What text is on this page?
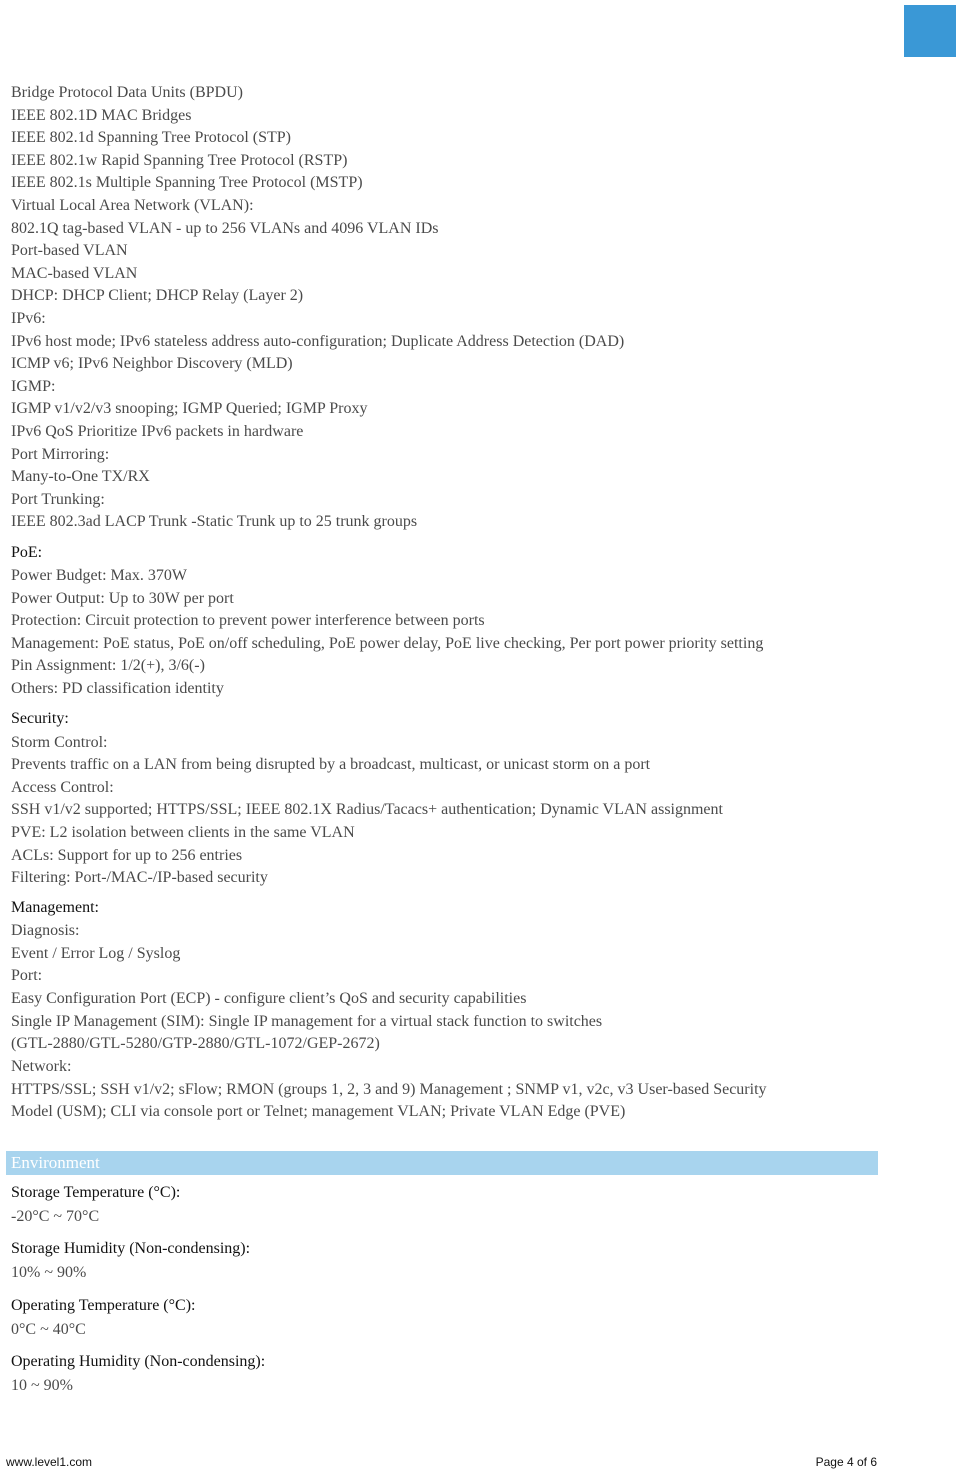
Bridge Protocol Data Units (BPDU)
IEEE 802.1D MAC Bridges
IEEE 802.1d Spanning Tree Protocol (STP)
IEEE 802.1w Rapid Spanning Tree Protocol (RSTP)
IEEE 802.1s Multiple Spanning Tree Protocol (MSTP)
Virtual Local Area Network (VLAN):
802.1Q tag-based VLAN - up to 256 VLANs and 4096 VLAN IDs
Port-based VLAN
MAC-based VLAN
DHCP: DHCP Client; DHCP Relay (Layer 2)
IPv6:
IPv6 host mode; IPv6 stateless address auto-configuration; Duplicate Address Detection (DAD)
ICMP v6; IPv6 Neighbor Discovery (MLD)
IGMP:
IGMP v1/v2/v3 snooping; IGMP Queried; IGMP Proxy
IPv6 QoS Prioritize IPv6 packets in hardware
Port Mirroring:
Many-to-One TX/RX
Port Trunking:
IEEE 802.3ad LACP Trunk -Static Trunk up to 25 trunk groups
PoE:
Power Budget: Max. 370W
Power Output: Up to 30W per port
Protection: Circuit protection to prevent power interference between ports
Management: PoE status, PoE on/off scheduling, PoE power delay, PoE live checking, Per port power priority setting
Pin Assignment: 1/2(+), 3/6(-)
Others: PD classification identity
Security:
Storm Control:
Prevents traffic on a LAN from being disrupted by a broadcast, multicast, or unicast storm on a port
Access Control:
SSH v1/v2 supported; HTTPS/SSL; IEEE 802.1X Radius/Tacacs+ authentication; Dynamic VLAN assignment
PVE: L2 isolation between clients in the same VLAN
ACLs: Support for up to 256 entries
Filtering: Port-/MAC-/IP-based security
Management:
Diagnosis:
Event / Error Log / Syslog
Port:
Easy Configuration Port (ECP) - configure client’s QoS and security capabilities
Single IP Management (SIM): Single IP management for a virtual stack function to switches
(GTL-2880/GTL-5280/GTP-2880/GTL-1072/GEP-2672)
Network:
HTTPS/SSL; SSH v1/v2; sFlow; RMON (groups 1, 2, 3 and 9) Management ; SNMP v1, v2c, v3 User-based Security
Model (USM); CLI via console port or Telnet; management VLAN; Private VLAN Edge (PVE)
Environment
Storage Temperature (°C):
-20°C ~ 70°C
Storage Humidity (Non-condensing):
10% ~ 90%
Operating Temperature (°C):
0°C ~ 40°C
Operating Humidity (Non-condensing):
10 ~ 90%
www.level1.com	Page 4 of 6
